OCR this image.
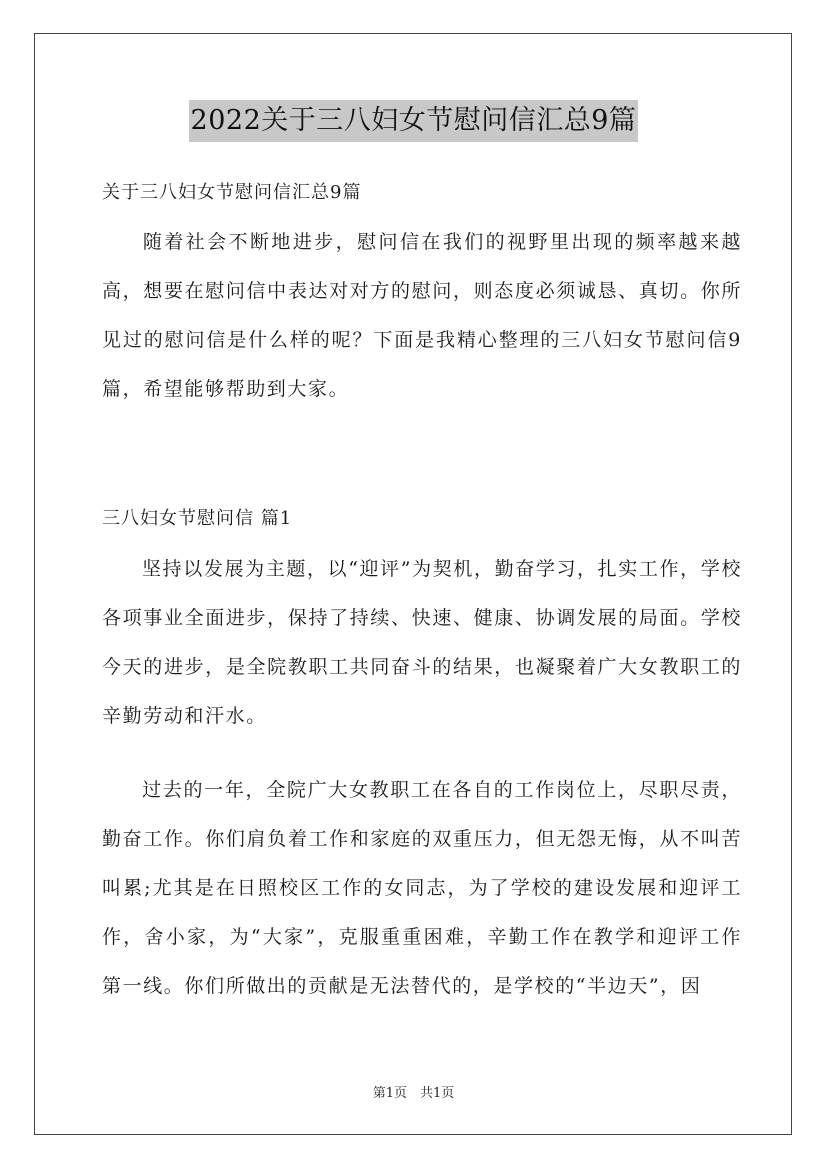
2022关于三八妇女节慰问信汇总9篇
关于三八妇女节慰问信汇总9篇

随着社会不断地进步，慰问信在我们的视野里出现的频率越来越高，想要在慰问信中表达对对方的慰问，则态度必须诚恳、真切。你所见过的慰问信是什么样的呢？下面是我精心整理的三八妇女节慰问信9篇，希望能够帮助到大家。

三八妇女节慰问信 篇1

坚持以发展为主题，以“迎评”为契机，勤奋学习，扎实工作，学校各项事业全面进步，保持了持续、快速、健康、协调发展的局面。学校今天的进步，是全院教职工共同奋斗的结果，也凝聚着广大女教职工的辛勤劳动和汗水。

过去的一年，全院广大女教职工在各自的工作岗位上，尽职尽责，勤奋工作。你们肩负着工作和家庭的双重压力，但无怨无悔，从不叫苦叫累;尤其是在日照校区工作的女同志，为了学校的建设发展和迎评工作，舍小家，为“大家”，克服重重困难，辛勤工作在教学和迎评工作第一线。你们所做出的贡献是无法替代的，是学校的“半边天”，因

第1页　共1页
